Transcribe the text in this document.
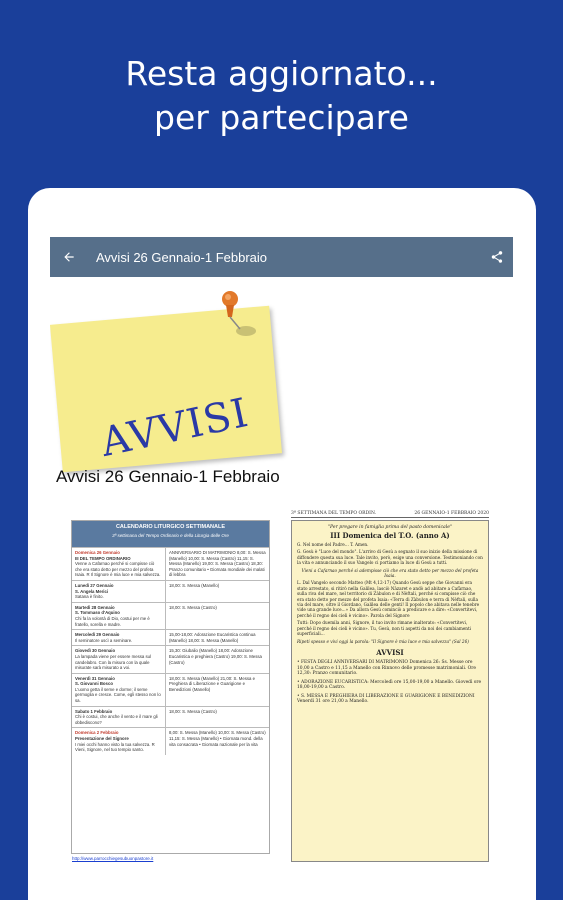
Resta aggiornato...
per partecipare
Avvisi 26 Gennaio-1 Febbraio
AVVISI
Avvisi 26 Gennaio-1 Febbraio
CALENDARIO LITURGICO SETTIMANALE
3ª settimana del Tempo Ordinario e della Liturgia delle Ore
Domenica 26 Gennaio
III DEL TEMPO ORDINARIO
Venne a Cafarnao perché si compisse ciò che era stato detto per mezzo del profeta Isaia. R Il Signore è mia luce e mia salvezza.
ANNIVERSARIO DI MATRIMONIO 8,00: S. Messa (Manello) 10,00: S. Messa (Castro) 11,15: S. Messa (Manello) 19,00: S. Messa (Castro) 18,30: Pranzo comunitario • Giornata mondiale dei malati di lebbra
Lunedì 27 Gennaio
S. Angela Merici
Satana è finito.
18,00: S. Messa (Manello)
Martedì 28 Gennaio
S. Tommaso d'Aquino
Chi fa la volontà di Dio, costui per me è fratello, sorella e madre.
18,00: S. Messa (Castro)
Mercoledì 29 Gennaio
Il seminatore uscì a seminare.
15,00-18,00: Adorazione Eucaristica continua (Manello) 18,00: S. Messa (Manello)
Giovedì 30 Gennaio
La lampada viene per essere messa sul candelabro. Con la misura con la quale misurate sarà misurato a voi.
15,30: Giubalio (Manello) 18,00: Adorazione Eucaristica e preghiera (Castro) 19,00: S. Messa (Castro)
Venerdì 31 Gennaio
S. Giovanni Bosco
L'uomo getta il seme e dorme; il seme germoglia e cresce. Come, egli stesso non lo sa.
18,00: S. Messa (Manello) 21,00: S. Messa e Preghiera di Liberazione e Guarigione e Benedizioni (Manello)
Sabato 1 Febbraio
Chi è costui, che anche il vento e il mare gli obbediscono?
18,00: S. Messa (Castro)
Domenica 2 Febbraio
Presentazione del Signore
I miei occhi hanno visto la tua salvezza. R Vieni, Signore, nel tuo tempio santo.
8,00: S. Messa (Manello) 10,00: S. Messa (Castro) 11,15: S. Messa (Manello) • Giornata mond. della vita consacrata • Giornata nazionale per la vita
http://www.parrocchiegesubuonpastore.it
3ª SETTIMANA DEL TEMPO ORDIN.	26 GENNAIO-1 FEBBRAIO 2020
"Per pregare in famiglia prima del pasto domenicale"
III Domenica del T.O. (anno A)
G. Nel nome del Padre... T. Amen.
G. Gesù è "Luce del mondo". L'arrivo di Gesù a segnato il suo inizio della missione di diffondere questa sua luce. Tale invito, però, esige una conversione. Testimoniando con la vita e annunciando il suo Vangelo ci portiamo la luce di Gesù a tutti.
Vieni a Cafarnao perché si adempisse ciò che era stato detto per mezzo del profeta Isaia.
L. Dal Vangelo secondo Matteo (Mt 4,12-17) Quando Gesù seppe che Giovanni era stato arrestato, si ritirò nella Galilea, lasciò Nàzaret e andò ad abitare a Cafàrnao, sulla riva del mare, nel territorio di Zàbulon e di Nèftali, perché si compisse ciò che era stato detto per mezzo del profeta Isaia: «Terra di Zàbulon e terra di Nèftali, sulla via del mare, oltre il Giordano, Galilea delle genti! Il popolo che abitava nelle tenebre vide una grande luce...» Da allora Gesù cominciò a predicare e a dire: «Convertitevi, perché il regno dei cieli è vicino». Parola del Signore
Tutti: Dopo duemila anni, Signore, il tuo invito rimane inalterato: «Convertitevi, perché il regno dei cieli è vicino». Tu, Gesù, non ti aspetti da noi dei cambiamenti superficiali...
Ripeti spesso e vivi oggi la parola: "Il Signore è mia luce e mia salvezza" (Sal 26)
AVVISI
• FESTA DEGLI ANNIVERSARI DI MATRIMONIO Domenica 26: Ss. Messe ore 10,00 a Castro e 11,15 a Manello con Rinnovo delle promesse matrimoniali. Ore 12,30: Pranzo comunitario.
• ADORAZIONE EUCARISTICA: Mercoledì ore 15,00-19,00 a Manello. Giovedì ore 18,00-19,00 a Castro.
• S. MESSA E PREGHIERA DI LIBERAZIONE E GUARIGIONE E BENEDIZIONI Venerdì 31 ore 21,00 a Manello.
